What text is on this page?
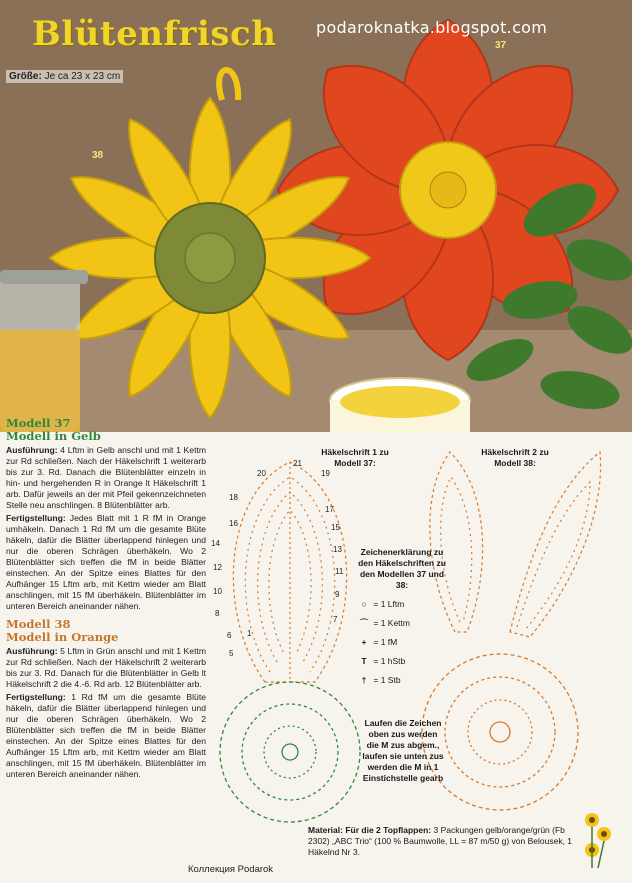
Blütenfrisch podaroknatka.blogspot.com
Größe: Je ca 23 x 23 cm
38
37
Modell 37
Modell in Gelb

Ausführung: 4 Lftm in Gelb anschl und mit 1 Kettm zur Rd schließen. Nach der Häkelschrift 1 weiterarb bis zur 3. Rd. Danach die Blütenblätter einzeln in hin- und hergehenden R in Orange lt Häkelschrift 1 arb. Dafür jeweils an der mit Pfeil gekennzeichneten Stelle neu anschlingen. 8 Blütenblätter arb.

Fertigstellung: Jedes Blatt mit 1 R fM in Orange umhäkeln. Danach 1 Rd fM um die gesamte Blüte häkeln, dafür die Blätter überlappend hinlegen und nur die oberen Schrägen überhäkeln. Wo 2 Blütenblätter sich treffen die fM in beide Blätter einstechen. An der Spitze eines Blattes für den Aufhänger 15 Lftm arb, mit Kettm wieder am Blatt anschlingen, mit 15 fM überhäkeln. Blütenblätter im unteren Bereich aneinander nähen.

Modell 38
Modell in Orange

Ausführung: 5 Lftm in Grün anschl und mit 1 Kettm zur Rd schließen. Nach der Häkelschrift 2 weiterarb bis zur 3. Rd. Danach für die Blütenblätter in Gelb lt Häkelschrift 2 die 4.-6. Rd arb. 12 Blütenblätter arb.

Fertigstellung: 1 Rd fM um die gesamte Blüte häkeln, dafür die Blätter überlappend hinlegen und nur die oberen Schrägen überhäkeln. Wo 2 Blütenblätter sich treffen die fM in beide Blätter einstechen. An der Spitze eines Blattes für den Aufhänger 15 Lftm arb, mit Kettm wieder am Blatt anschlingen, mit 15 fM überhäkeln. Blütenblätter im unteren Bereich aneinander nähen.

21
20	19
18
17
16	15
14
13
12	11
10	9
8
7
6
5
1
Häkelschrift 1 zu Modell 37:
Häkelschrift 2 zu Modell 38:
Zeichenerklärung zu den Häkelschriften zu den Modellen 37 und 38:
○ = 1 Lftm
⌒ = 1 Kettm
+ = 1 fM
T = 1 hStb
† = 1 Stb
Laufen die Zeichen oben zus werden die M zus abgem., laufen sie unten zus werden die M in 1 Einstichstelle gearb
Material: Für die 2 Topflappen: 3 Packungen gelb/orange/grün (Fb 2302) „ABC Trio“ (100 % Baumwolle, LL = 87 m/50 g) von Belousek, 1 Häkelnd Nr 3.
Коллекция Podarok
